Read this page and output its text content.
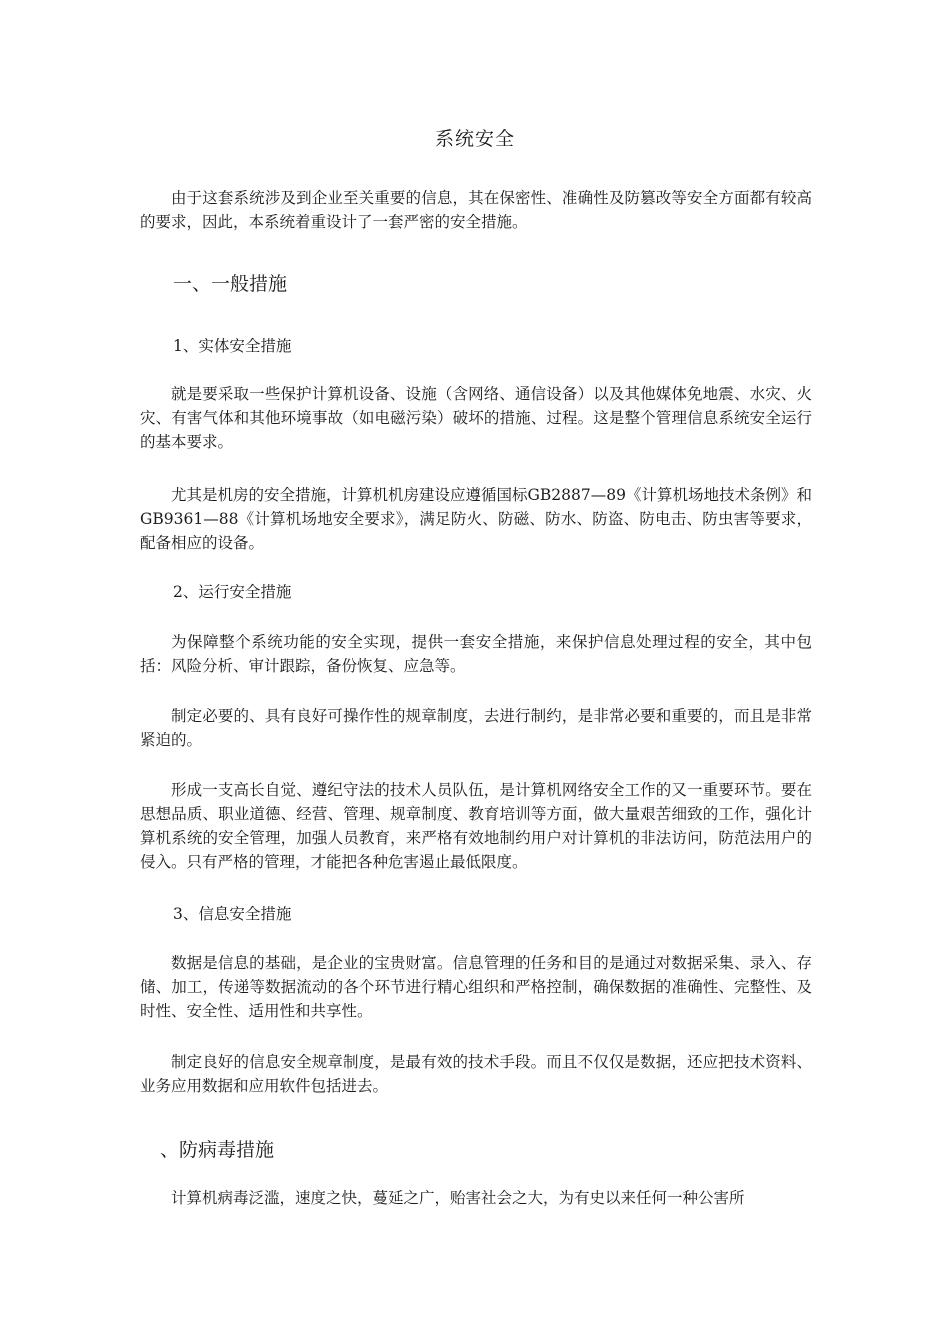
系统安全
由于这套系统涉及到企业至关重要的信息，其在保密性、准确性及防篡改等安全方面都有较高的要求，因此，本系统着重设计了一套严密的安全措施。
一、一般措施
1、实体安全措施
就是要采取一些保护计算机设备、设施（含网络、通信设备）以及其他媒体免地震、水灾、火灾、有害气体和其他环境事故（如电磁污染）破坏的措施、过程。这是整个管理信息系统安全运行的基本要求。
尤其是机房的安全措施，计算机机房建设应遵循国标GB2887—89《计算机场地技术条例》和GB9361—88《计算机场地安全要求》，满足防火、防磁、防水、防盗、防电击、防虫害等要求，配备相应的设备。
2、运行安全措施
为保障整个系统功能的安全实现，提供一套安全措施，来保护信息处理过程的安全，其中包括：风险分析、审计跟踪，备份恢复、应急等。
制定必要的、具有良好可操作性的规章制度，去进行制约，是非常必要和重要的，而且是非常紧迫的。
形成一支高长自觉、遵纪守法的技术人员队伍，是计算机网络安全工作的又一重要环节。要在思想品质、职业道德、经营、管理、规章制度、教育培训等方面，做大量艰苦细致的工作，强化计算机系统的安全管理，加强人员教育，来严格有效地制约用户对计算机的非法访问，防范法用户的侵入。只有严格的管理，才能把各种危害遏止最低限度。
3、信息安全措施
数据是信息的基础，是企业的宝贵财富。信息管理的任务和目的是通过对数据采集、录入、存储、加工，传递等数据流动的各个环节进行精心组织和严格控制，确保数据的准确性、完整性、及时性、安全性、适用性和共享性。
制定良好的信息安全规章制度，是最有效的技术手段。而且不仅仅是数据，还应把技术资料、业务应用数据和应用软件包括进去。
、防病毒措施
计算机病毒泛滥，速度之快，蔓延之广，贻害社会之大，为有史以来任何一种公害所
